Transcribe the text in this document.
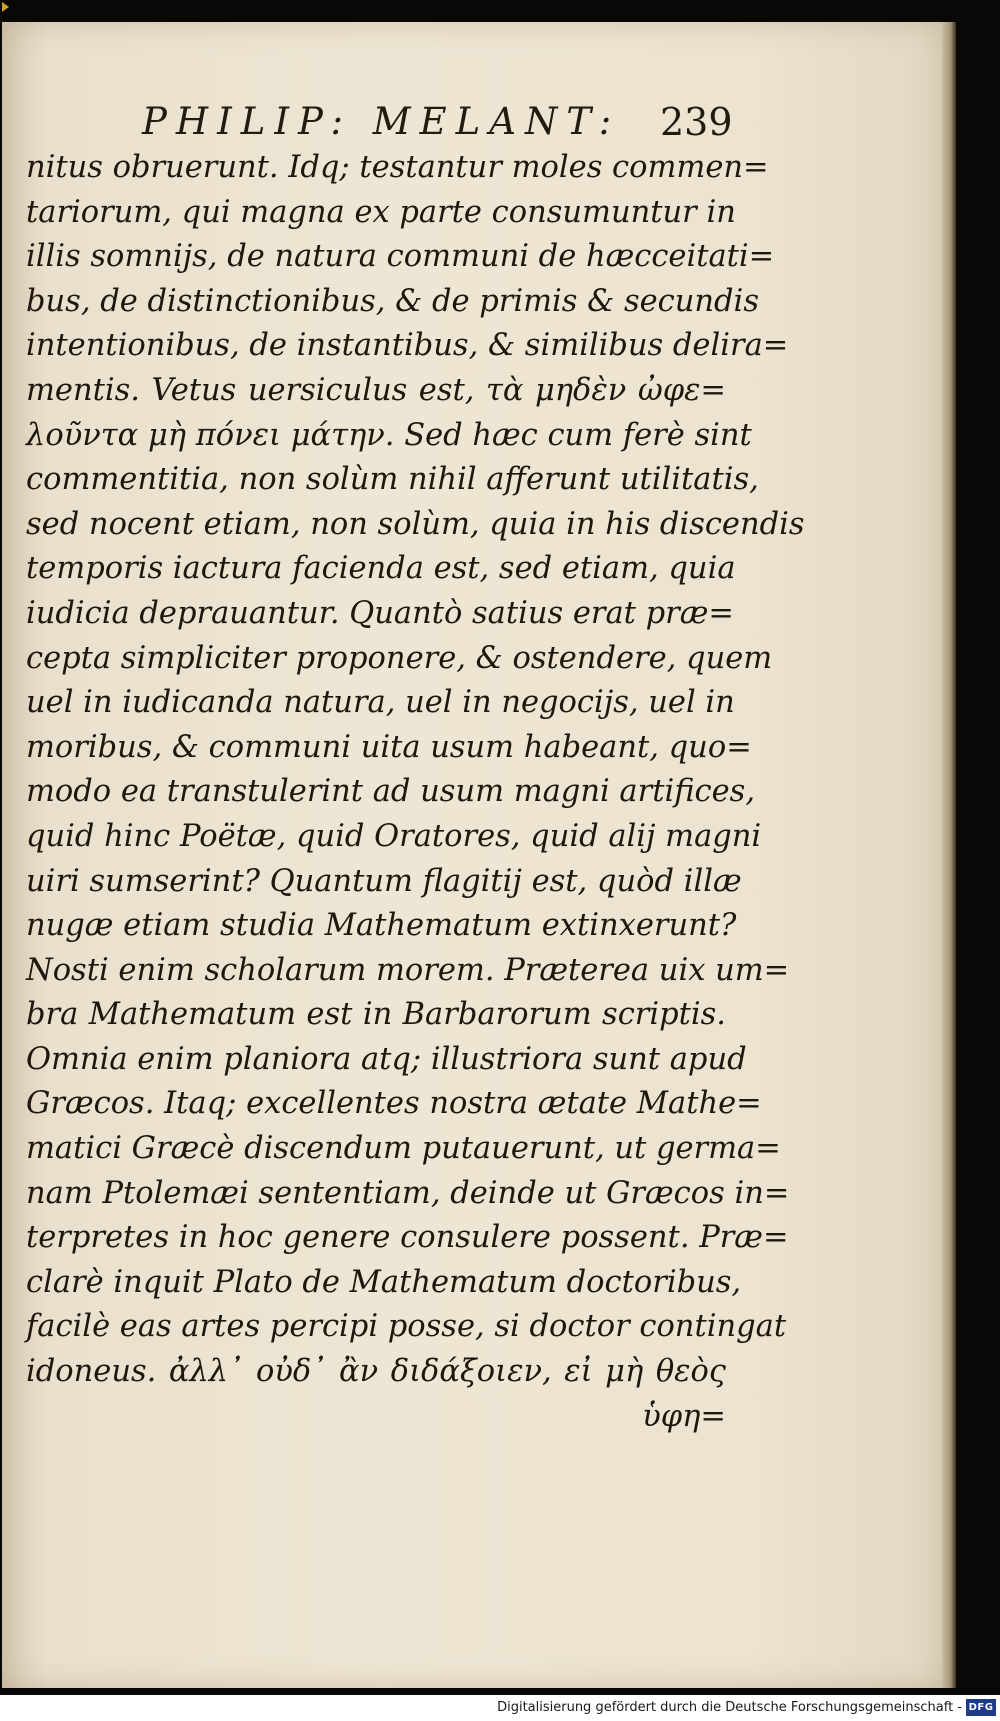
PHILIP: MELANT: 239
nitus obruerunt. Idq; testantur moles commen=
tariorum, qui magna ex parte consumuntur in
illis somnijs, de natura communi de hæcceitati=
bus, de distinctionibus, & de primis & secundis
intentionibus, de instantibus, & similibus delira=
mentis. Vetus uersiculus est, τὰ μηδὲν ὠφε=
λοῦντα μὴ πόνει μάτην. Sed hæc cum ferè sint
commentitia, non solùm nihil afferunt utilitatis,
sed nocent etiam, non solùm, quia in his discendis
temporis iactura facienda est, sed etiam, quia
iudicia deprauantur. Quantò satius erat præ=
cepta simpliciter proponere, & ostendere, quem
uel in iudicanda natura, uel in negocijs, uel in
moribus, & communi uita usum habeant, quo=
modo ea transtulerint ad usum magni artifices,
quid hinc Poëtæ, quid Oratores, quid alij magni
uiri sumserint? Quantum flagitij est, quòd illæ
nugæ etiam studia Mathematum extinxerunt?
Nosti enim scholarum morem. Præterea uix um=
bra Mathematum est in Barbarorum scriptis.
Omnia enim planiora atq; illustriora sunt apud
Græcos. Itaq; excellentes nostra ætate Mathe=
matici Græcè discendum putauerunt, ut germa=
nam Ptolemæi sententiam, deinde ut Græcos in=
terpretes in hoc genere consulere possent. Præ=
clarè inquit Plato de Mathematum doctoribus,
facilè eas artes percipi posse, si doctor contingat
idoneus. ἀλλ᾽ οὐδ᾽ ἂν διδάξοιεν, εἰ μὴ θεὸς
ὑφη=
Digitalisierung gefördert durch die Deutsche Forschungsgemeinschaft - DFG
